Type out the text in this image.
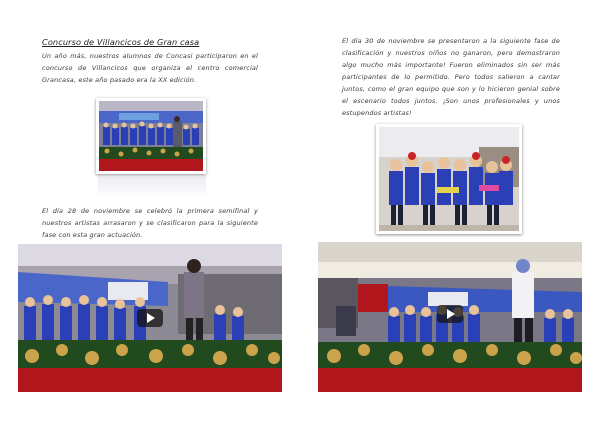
Concurso de Villancicos de Gran casa
Un año más, nuestros alumnos de Concasi participaron en el concurso de Villancicos que organiza el centro comercial Grancasa, este año pasado era la XX edición.
El día 28 de noviembre se celebró la primera semifinal y nuestros artistas arrasaron y se clasificaron para la siguiente fase con esta gran actuación.
El día 30 de noviembre se presentaron a la siguiente fase de clasificación y nuestros niños no ganaron, pero demostraron algo mucho más importante! Fueron eliminados sin ser más participantes de lo permitido. Pero todos salieron a cantar juntos, como el gran equipo que son y lo hicieron genial sobre el escenario todos juntos. ¡Son unos profesionales y unos estupendos artistas!
